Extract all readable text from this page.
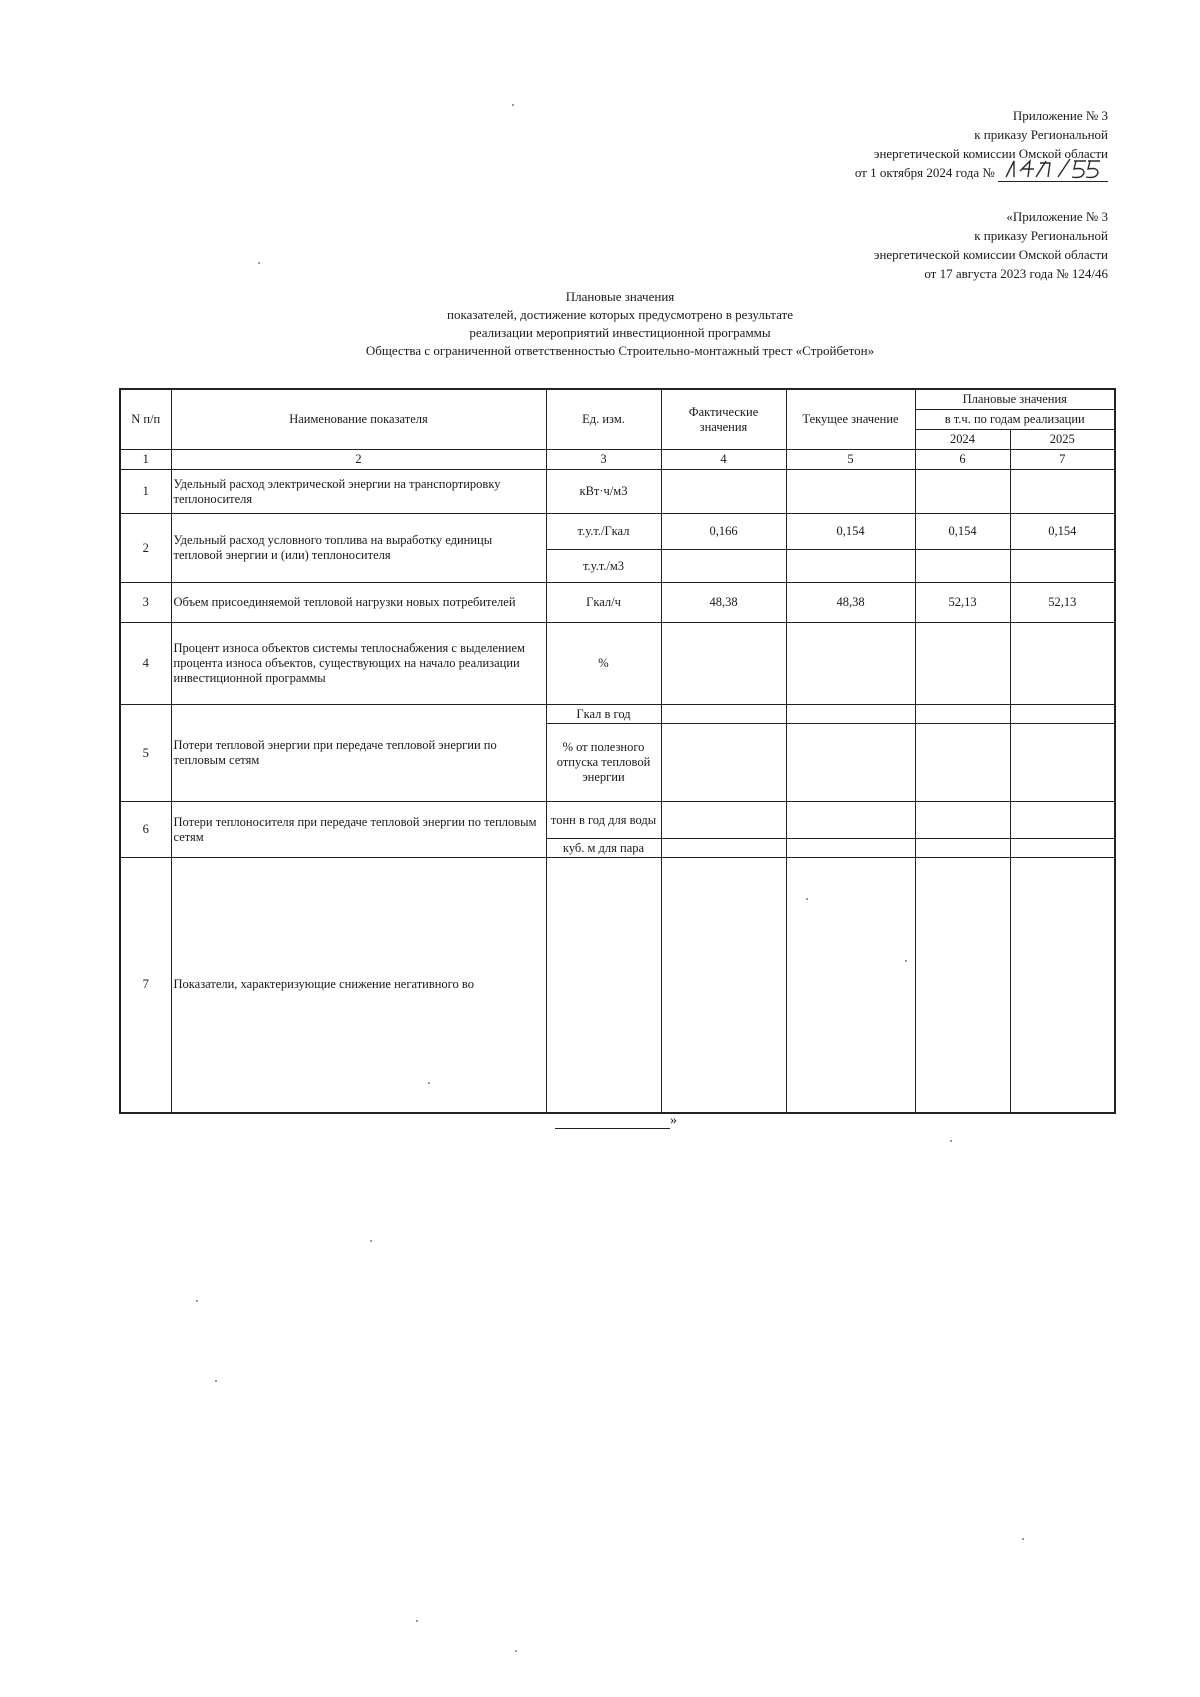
Приложение № 3
к приказу Региональной
энергетической комиссии Омской области
от 1 октября 2024 года №
«Приложение № 3
к приказу Региональной
энергетической комиссии Омской области
от 17 августа 2023 года № 124/46
Плановые значения
показателей, достижение которых предусмотрено в результате
реализации мероприятий инвестиционной программы
Общества с ограниченной ответственностью Строительно-монтажный трест «Стройбетон»
N п/п	Наименование показателя	Ед. изм.	Фактические значения	Текущее значение	Плановые значения	
					в т.ч. по годам реализации	
					2024	2025
1	2	3	4	5	6	7
1	Удельный расход электрической энергии на транспортировку теплоносителя	кВт·ч/м3				
2	Удельный расход условного топлива на выработку единицы тепловой энергии и (или) теплоносителя	т.у.т./Гкал	0,166	0,154	0,154	0,154
		т.у.т./м3				
3	Объем присоединяемой тепловой нагрузки новых потребителей	Гкал/ч	48,38	48,38	52,13	52,13
4	Процент износа объектов системы теплоснабжения с выделением процента износа объектов, существующих на начало реализации инвестиционной программы	%				
5	Потери тепловой энергии при передаче тепловой энергии по тепловым сетям	Гкал в год				
		% от полезного отпуска тепловой энергии				
6	Потери теплоносителя при передаче тепловой энергии по тепловым сетям	тонн в год для воды				
		куб. м для пара				
7	Показатели, характеризующие снижение негативного во					
»
